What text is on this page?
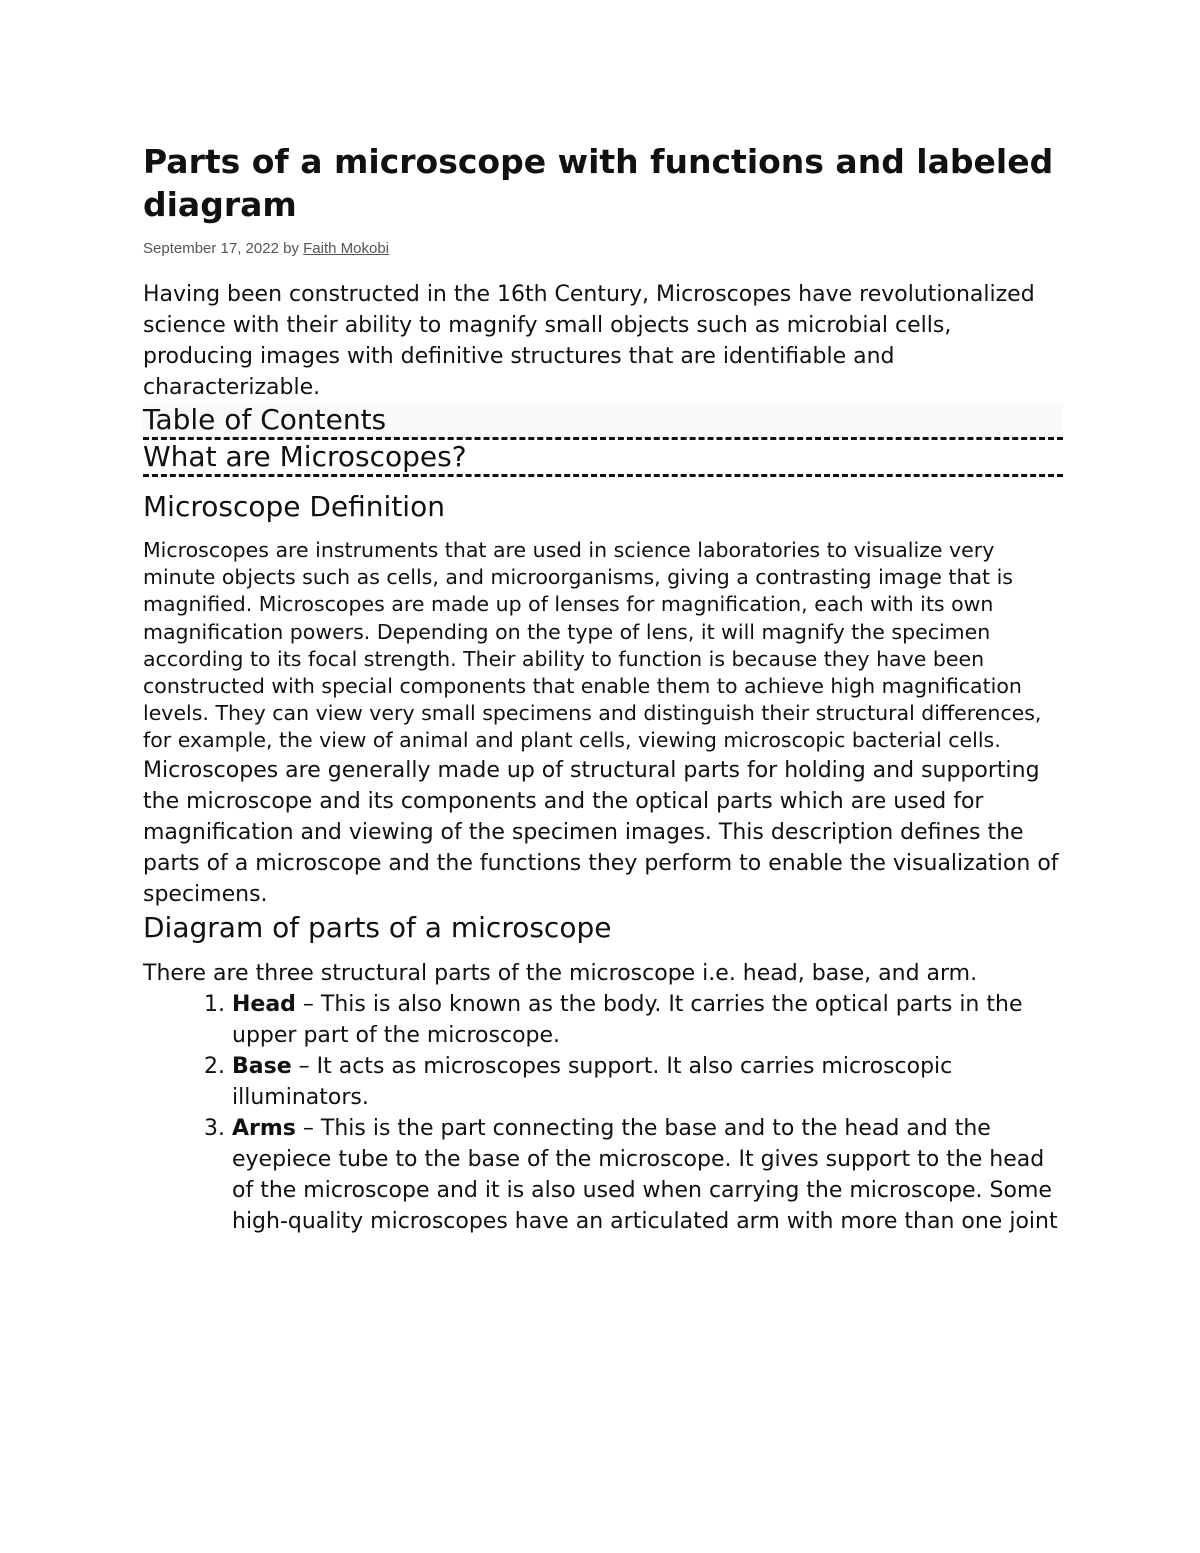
Parts of a microscope with functions and labeled diagram

September 17, 2022 by Faith Mokobi

Having been constructed in the 16th Century, Microscopes have revolutionalized science with their ability to magnify small objects such as microbial cells, producing images with definitive structures that are identifiable and characterizable.

Table of Contents
What are Microscopes?
Microscope Definition

Microscopes are instruments that are used in science laboratories to visualize very minute objects such as cells, and microorganisms, giving a contrasting image that is magnified. Microscopes are made up of lenses for magnification, each with its own magnification powers. Depending on the type of lens, it will magnify the specimen according to its focal strength. Their ability to function is because they have been constructed with special components that enable them to achieve high magnification levels. They can view very small specimens and distinguish their structural differences, for example, the view of animal and plant cells, viewing microscopic bacterial cells.

Microscopes are generally made up of structural parts for holding and supporting the microscope and its components and the optical parts which are used for magnification and viewing of the specimen images. This description defines the parts of a microscope and the functions they perform to enable the visualization of specimens.

Diagram of parts of a microscope

There are three structural parts of the microscope i.e. head, base, and arm.

1. Head – This is also known as the body. It carries the optical parts in the upper part of the microscope.
2. Base – It acts as microscopes support. It also carries microscopic illuminators.
3. Arms – This is the part connecting the base and to the head and the eyepiece tube to the base of the microscope. It gives support to the head of the microscope and it is also used when carrying the microscope. Some high-quality microscopes have an articulated arm with more than one joint
